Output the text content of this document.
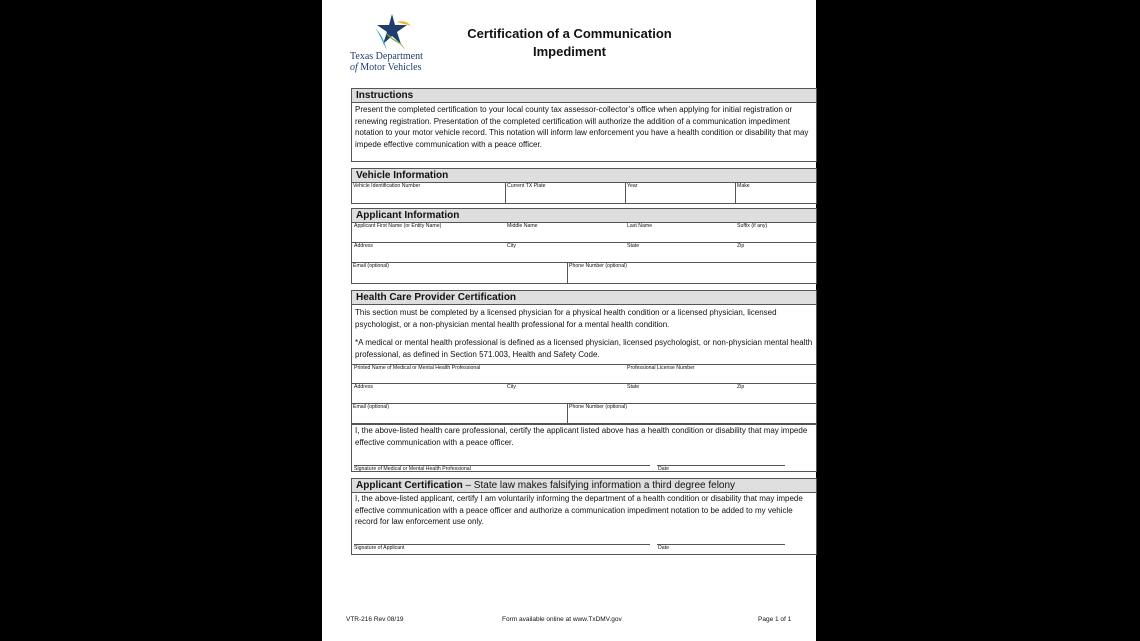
Texas Department
of Motor Vehicles
Certification of a Communication
Impediment
Instructions
Present the completed certification to your local county tax assessor-collector’s office when applying for initial registration or renewing registration. Presentation of the completed certification will authorize the addition of a communication impediment notation to your motor vehicle record. This notation will inform law enforcement you have a health condition or disability that may impede effective communication with a peace officer.
Vehicle Information
Vehicle Identification Number	Current TX Plate	Year	Make
Applicant Information
Applicant First Name (or Entity Name)	Middle Name	Last Name	Suffix (if any)
Address	City	State	Zip
Email (optional)	Phone Number (optional)
Health Care Provider Certification
This section must be completed by a licensed physician for a physical health condition or a licensed physician, licensed psychologist, or a non-physician mental health professional for a mental health condition.
*A medical or mental health professional is defined as a licensed physician, licensed psychologist, or non-physician mental health professional, as defined in Section 571.003, Health and Safety Code.
Printed Name of Medical or Mental Health Professional	Professional License Number
Address	City	State	Zip
Email (optional)	Phone Number (optional)
I, the above-listed health care professional, certify the applicant listed above has a health condition or disability that may impede effective communication with a peace officer.
Signature of Medical or Mental Health Professional	Date
Applicant Certification – State law makes falsifying information a third degree felony
I, the above-listed applicant, certify I am voluntarily informing the department of a health condition or disability that may impede effective communication with a peace officer and authorize a communication impediment notation to be added to my vehicle record for law enforcement use only.
Signature of Applicant	Date
VTR-216 Rev 08/19	Form available online at www.TxDMV.gov	Page 1 of 1
